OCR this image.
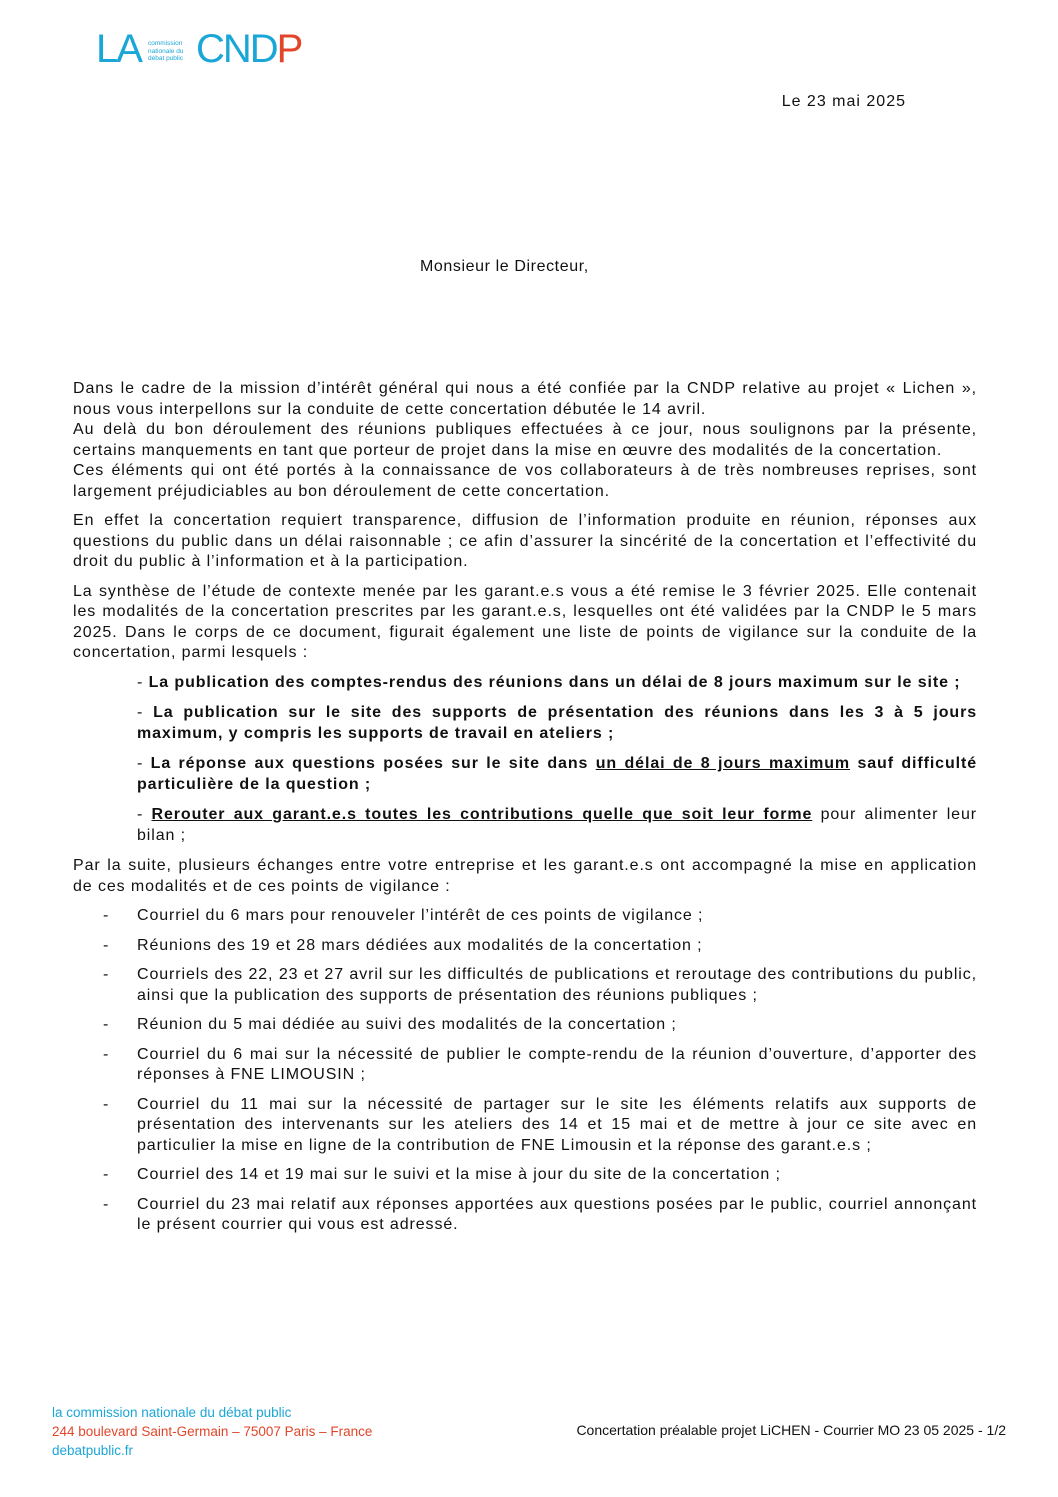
LA commission
nationale du
débat public CNDP
Le 23 mai 2025
Monsieur le Directeur,

Dans le cadre de la mission d’intérêt général qui nous a été confiée par la CNDP relative au projet « Lichen », nous vous interpellons sur la conduite de cette concertation débutée le 14 avril.

Au delà du bon déroulement des réunions publiques effectuées à ce jour, nous soulignons par la présente, certains manquements en tant que porteur de projet dans la mise en œuvre des modalités de la concertation.

Ces éléments qui ont été portés à la connaissance de vos collaborateurs à de très nombreuses reprises, sont largement préjudiciables au bon déroulement de cette concertation.

En effet la concertation requiert transparence, diffusion de l’information produite en réunion, réponses aux questions du public dans un délai raisonnable ; ce afin d’assurer la sincérité de la concertation et l’effectivité du droit du public à l’information et à la participation.

La synthèse de l’étude de contexte menée par les garant.e.s vous a été remise le 3 février 2025. Elle contenait les modalités de la concertation prescrites par les garant.e.s, lesquelles ont été validées par la CNDP le 5 mars 2025. Dans le corps de ce document, figurait également une liste de points de vigilance sur la conduite de la concertation, parmi lesquels :

- La publication des comptes-rendus des réunions dans un délai de 8 jours maximum sur le site ;

- La publication sur le site des supports de présentation des réunions dans les 3 à 5 jours maximum, y compris les supports de travail en ateliers ;

- La réponse aux questions posées sur le site dans un délai de 8 jours maximum sauf difficulté particulière de la question ;

- Rerouter aux garant.e.s toutes les contributions quelle que soit leur forme pour alimenter leur bilan ;

Par la suite, plusieurs échanges entre votre entreprise et les garant.e.s ont accompagné la mise en application de ces modalités et de ces points de vigilance :

- Courriel du 6 mars pour renouveler l’intérêt de ces points de vigilance ;
- Réunions des 19 et 28 mars dédiées aux modalités de la concertation ;
- Courriels des 22, 23 et 27 avril sur les difficultés de publications et reroutage des contributions du public, ainsi que la publication des supports de présentation des réunions publiques ;
- Réunion du 5 mai dédiée au suivi des modalités de la concertation ;
- Courriel du 6 mai sur la nécessité de publier le compte-rendu de la réunion d’ouverture, d’apporter des réponses à FNE LIMOUSIN ;
- Courriel du 11 mai sur la nécessité de partager sur le site les éléments relatifs aux supports de présentation des intervenants sur les ateliers des 14 et 15 mai et de mettre à jour ce site avec en particulier la mise en ligne de la contribution de FNE Limousin et la réponse des garant.e.s ;
- Courriel des 14 et 19 mai sur le suivi et la mise à jour du site de la concertation ;
- Courriel du 23 mai relatif aux réponses apportées aux questions posées par le public, courriel annonçant le présent courrier qui vous est adressé.
la commission nationale du débat public
244 boulevard Saint-Germain – 75007 Paris – France
debatpublic.fr
Concertation préalable projet LiCHEN - Courrier MO 23 05 2025 - 1/2
